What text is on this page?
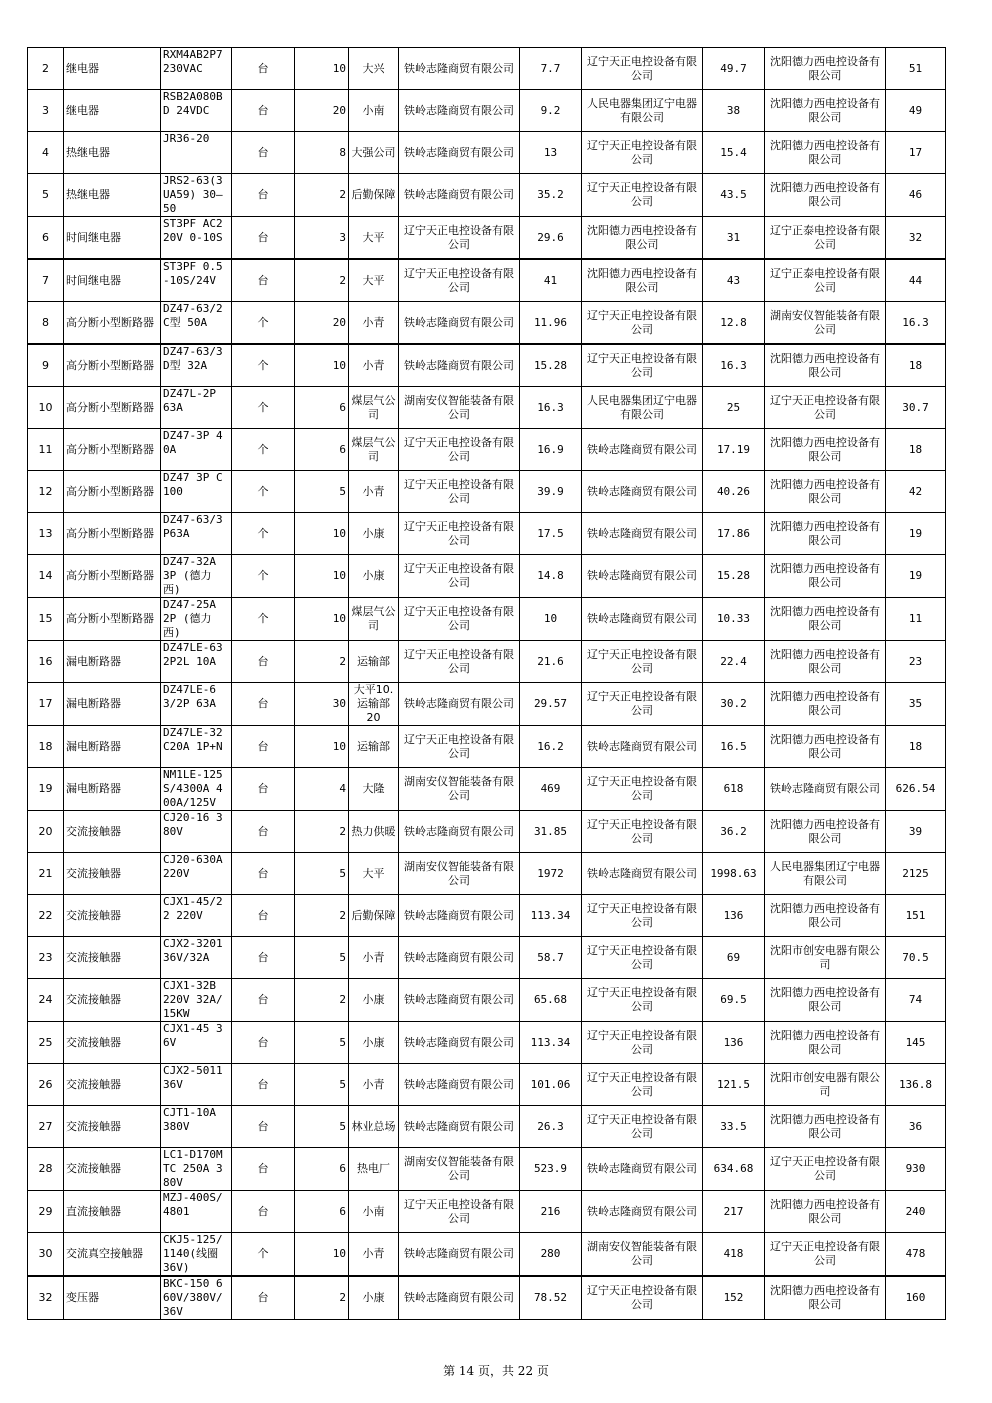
2	继电器	RXM4AB2P7 230VAC	台	10	大兴	铁岭志隆商贸有限公司	7.7	辽宁天正电控设备有限公司	49.7	沈阳德力西电控设备有限公司	51
3	继电器	RSB2A080BD 24VDC	台	20	小南	铁岭志隆商贸有限公司	9.2	人民电器集团辽宁电器有限公司	38	沈阳德力西电控设备有限公司	49
4	热继电器	JR36-20	台	8	大强公司	铁岭志隆商贸有限公司	13	辽宁天正电控设备有限公司	15.4	沈阳德力西电控设备有限公司	17
5	热继电器	JRS2-63(3UA59) 30—50	台	2	后勤保障	铁岭志隆商贸有限公司	35.2	辽宁天正电控设备有限公司	43.5	沈阳德力西电控设备有限公司	46
6	时间继电器	ST3PF AC220V 0-10S	台	3	大平	辽宁天正电控设备有限公司	29.6	沈阳德力西电控设备有限公司	31	辽宁正泰电控设备有限公司	32
7	时间继电器	ST3PF 0.5-10S/24V	台	2	大平	辽宁天正电控设备有限公司	41	沈阳德力西电控设备有限公司	43	辽宁正泰电控设备有限公司	44
8	高分断小型断路器	DZ47-63/2 C型 50A	个	20	小青	铁岭志隆商贸有限公司	11.96	辽宁天正电控设备有限公司	12.8	湖南安仪智能装备有限公司	16.3
9	高分断小型断路器	DZ47-63/3 D型 32A	个	10	小青	铁岭志隆商贸有限公司	15.28	辽宁天正电控设备有限公司	16.3	沈阳德力西电控设备有限公司	18
10	高分断小型断路器	DZ47L-2P 63A	个	6	煤层气公司	湖南安仪智能装备有限公司	16.3	人民电器集团辽宁电器有限公司	25	辽宁天正电控设备有限公司	30.7
11	高分断小型断路器	DZ47-3P 40A	个	6	煤层气公司	辽宁天正电控设备有限公司	16.9	铁岭志隆商贸有限公司	17.19	沈阳德力西电控设备有限公司	18
12	高分断小型断路器	DZ47 3P C100	个	5	小青	辽宁天正电控设备有限公司	39.9	铁岭志隆商贸有限公司	40.26	沈阳德力西电控设备有限公司	42
13	高分断小型断路器	DZ47-63/3P63A	个	10	小康	辽宁天正电控设备有限公司	17.5	铁岭志隆商贸有限公司	17.86	沈阳德力西电控设备有限公司	19
14	高分断小型断路器	DZ47-32A 3P (德力西)	个	10	小康	辽宁天正电控设备有限公司	14.8	铁岭志隆商贸有限公司	15.28	沈阳德力西电控设备有限公司	19
15	高分断小型断路器	DZ47-25A 2P (德力西)	个	10	煤层气公司	辽宁天正电控设备有限公司	10	铁岭志隆商贸有限公司	10.33	沈阳德力西电控设备有限公司	11
16	漏电断路器	DZ47LE-63 2P2L 10A	台	2	运输部	辽宁天正电控设备有限公司	21.6	辽宁天正电控设备有限公司	22.4	沈阳德力西电控设备有限公司	23
17	漏电断路器	DZ47LE-63/2P 63A	台	30	大平10.运输部20	铁岭志隆商贸有限公司	29.57	辽宁天正电控设备有限公司	30.2	沈阳德力西电控设备有限公司	35
18	漏电断路器	DZ47LE-32 C20A 1P+N	台	10	运输部	辽宁天正电控设备有限公司	16.2	铁岭志隆商贸有限公司	16.5	沈阳德力西电控设备有限公司	18
19	漏电断路器	NM1LE-125S/4300A 400A/125V	台	4	大隆	湖南安仪智能装备有限公司	469	辽宁天正电控设备有限公司	618	铁岭志隆商贸有限公司	626.54
20	交流接触器	CJ20-16 380V	台	2	热力供暖	铁岭志隆商贸有限公司	31.85	辽宁天正电控设备有限公司	36.2	沈阳德力西电控设备有限公司	39
21	交流接触器	CJ20-630A 220V	台	5	大平	湖南安仪智能装备有限公司	1972	铁岭志隆商贸有限公司	1998.63	人民电器集团辽宁电器有限公司	2125
22	交流接触器	CJX1-45/22 220V	台	2	后勤保障	铁岭志隆商贸有限公司	113.34	辽宁天正电控设备有限公司	136	沈阳德力西电控设备有限公司	151
23	交流接触器	CJX2-3201 36V/32A	台	5	小青	铁岭志隆商贸有限公司	58.7	辽宁天正电控设备有限公司	69	沈阳市创安电器有限公司	70.5
24	交流接触器	CJX1-32B 220V 32A/15KW	台	2	小康	铁岭志隆商贸有限公司	65.68	辽宁天正电控设备有限公司	69.5	沈阳德力西电控设备有限公司	74
25	交流接触器	CJX1-45 36V	台	5	小康	铁岭志隆商贸有限公司	113.34	辽宁天正电控设备有限公司	136	沈阳德力西电控设备有限公司	145
26	交流接触器	CJX2-5011 36V	台	5	小青	铁岭志隆商贸有限公司	101.06	辽宁天正电控设备有限公司	121.5	沈阳市创安电器有限公司	136.8
27	交流接触器	CJT1-10A 380V	台	5	林业总场	铁岭志隆商贸有限公司	26.3	辽宁天正电控设备有限公司	33.5	沈阳德力西电控设备有限公司	36
28	交流接触器	LC1-D170MTC 250A 380V	台	6	热电厂	湖南安仪智能装备有限公司	523.9	铁岭志隆商贸有限公司	634.68	辽宁天正电控设备有限公司	930
29	直流接触器	MZJ-400S/4801	台	6	小南	辽宁天正电控设备有限公司	216	铁岭志隆商贸有限公司	217	沈阳德力西电控设备有限公司	240
30	交流真空接触器	CKJ5-125/1140(线圈 36V)	个	10	小青	铁岭志隆商贸有限公司	280	湖南安仪智能装备有限公司	418	辽宁天正电控设备有限公司	478
32	变压器	BKC-150 660V/380V/36V	台	2	小康	铁岭志隆商贸有限公司	78.52	辽宁天正电控设备有限公司	152	沈阳德力西电控设备有限公司	160
第 14 页，共 22 页
